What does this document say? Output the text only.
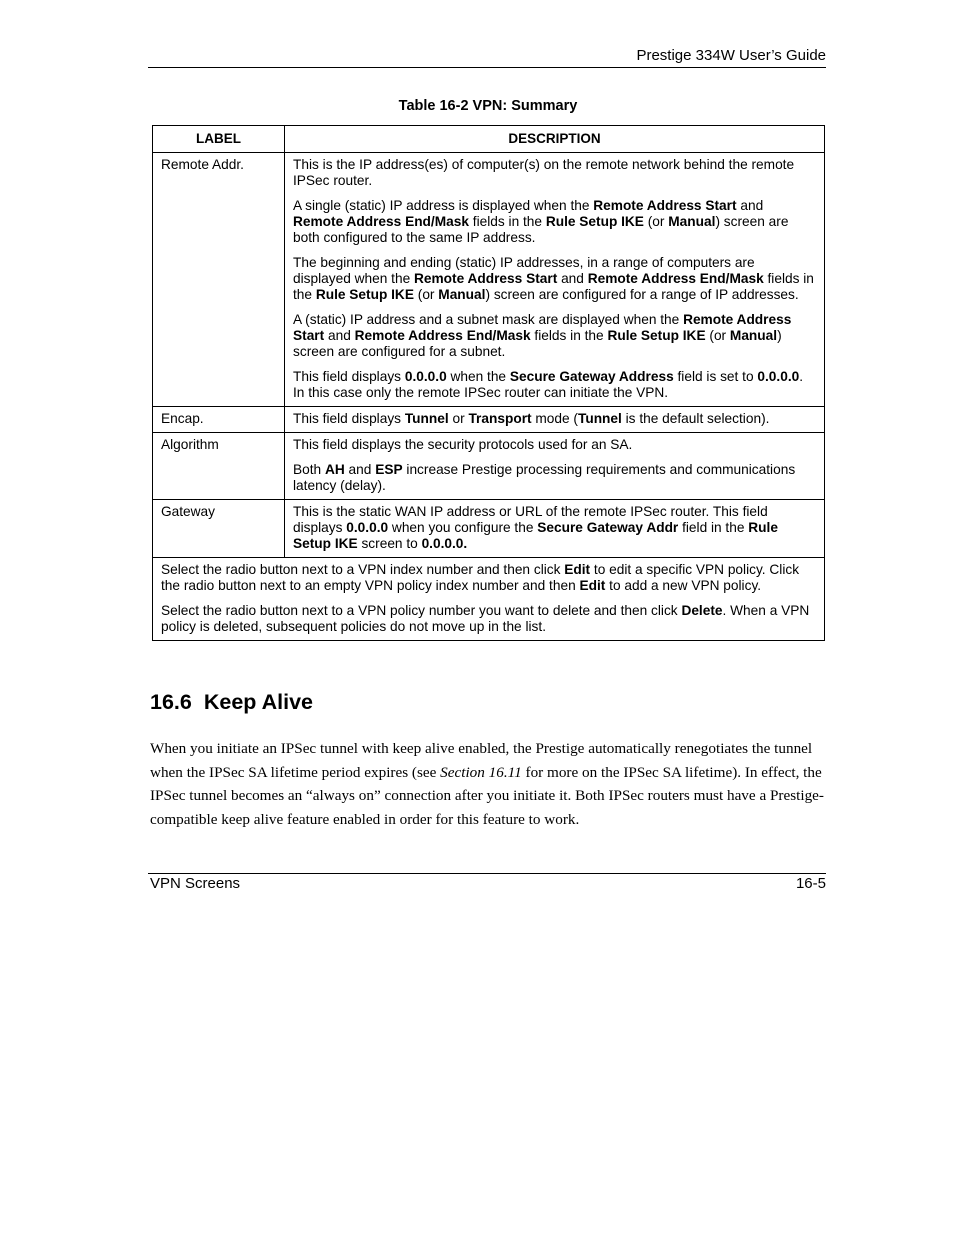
Prestige 334W User’s Guide
Table 16-2 VPN: Summary
LABEL	DESCRIPTION
Remote Addr.	This is the IP address(es) of computer(s) on the remote network behind the remote IPSec router.

A single (static) IP address is displayed when the Remote Address Start and Remote Address End/Mask fields in the Rule Setup IKE (or Manual) screen are both configured to the same IP address.

The beginning and ending (static) IP addresses, in a range of computers are displayed when the Remote Address Start and Remote Address End/Mask fields in the Rule Setup IKE (or Manual) screen are configured for a range of IP addresses.

A (static) IP address and a subnet mask are displayed when the Remote Address Start and Remote Address End/Mask fields in the Rule Setup IKE (or Manual) screen are configured for a subnet.

This field displays 0.0.0.0 when the Secure Gateway Address field is set to 0.0.0.0. In this case only the remote IPSec router can initiate the VPN.

Encap.	This field displays Tunnel or Transport mode (Tunnel is the default selection).

Algorithm	This field displays the security protocols used for an SA.

Both AH and ESP increase Prestige processing requirements and communications latency (delay).

Gateway	This is the static WAN IP address or URL of the remote IPSec router. This field displays 0.0.0.0 when you configure the Secure Gateway Addr field in the Rule Setup IKE screen to 0.0.0.0.

Select the radio button next to a VPN index number and then click Edit to edit a specific VPN policy. Click the radio button next to an empty VPN policy index number and then Edit to add a new VPN policy.

Select the radio button next to a VPN policy number you want to delete and then click Delete. When a VPN policy is deleted, subsequent policies do not move up in the list.	

16.6 Keep Alive
When you initiate an IPSec tunnel with keep alive enabled, the Prestige automatically renegotiates the tunnel when the IPSec SA lifetime period expires (see Section 16.11 for more on the IPSec SA lifetime). In effect, the IPSec tunnel becomes an “always on” connection after you initiate it. Both IPSec routers must have a Prestige-compatible keep alive feature enabled in order for this feature to work.
VPN Screens	16-5
